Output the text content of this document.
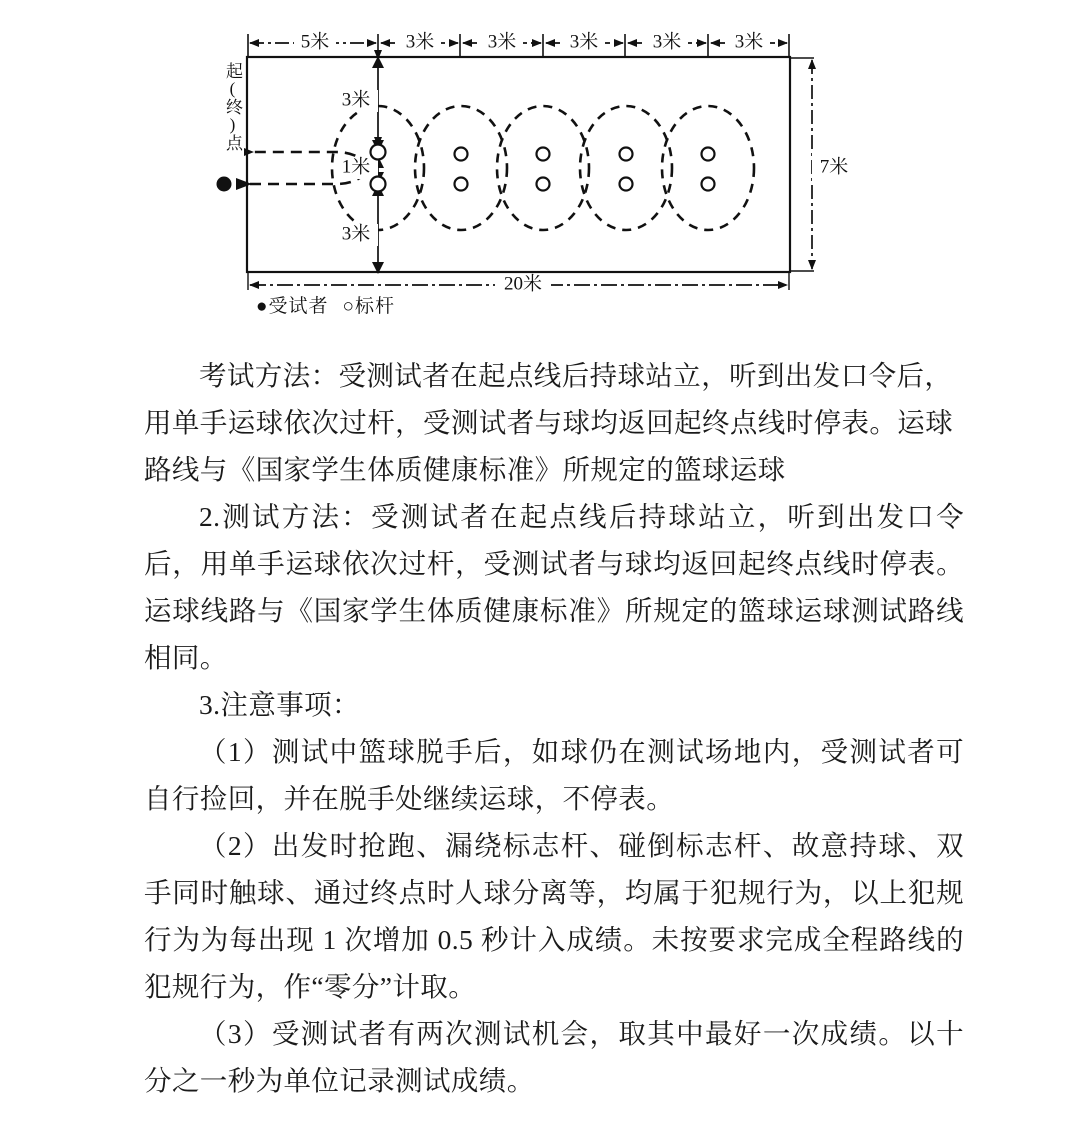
5米	3米	3米	3米	3米	3米
3米
1米
3米
7米
20米
起(终)点
●受试者 ○标杆

考试方法：受测试者在起点线后持球站立，听到出发口令后，用单手运球依次过杆，受测试者与球均返回起终点线时停表。运球路线与《国家学生体质健康标准》所规定的篮球运球

2.测试方法：受测试者在起点线后持球站立，听到出发口令后，用单手运球依次过杆，受测试者与球均返回起终点线时停表。运球线路与《国家学生体质健康标准》所规定的篮球运球测试路线相同。

3.注意事项：

（1）测试中篮球脱手后，如球仍在测试场地内，受测试者可自行捡回，并在脱手处继续运球，不停表。

（2）出发时抢跑、漏绕标志杆、碰倒标志杆、故意持球、双手同时触球、通过终点时人球分离等，均属于犯规行为，以上犯规行为为每出现 1 次增加 0.5 秒计入成绩。未按要求完成全程路线的犯规行为，作“零分”计取。

（3）受测试者有两次测试机会，取其中最好一次成绩。以十分之一秒为单位记录测试成绩。
